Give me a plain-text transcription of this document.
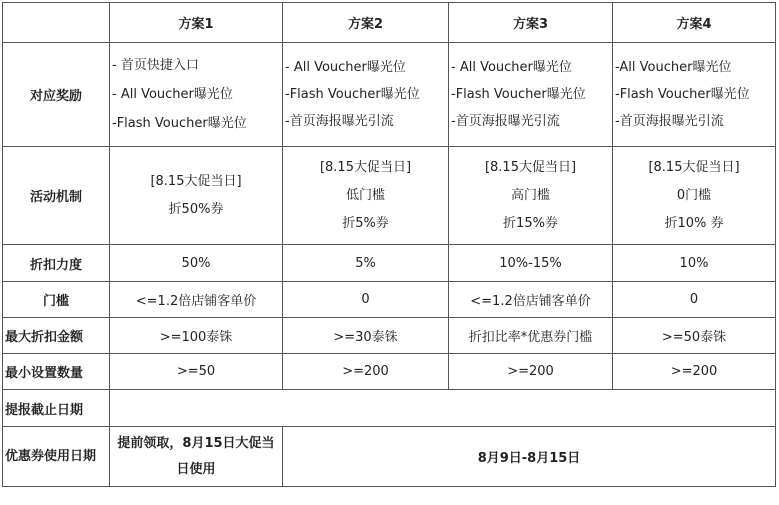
	方案1	方案2	方案3	方案4
对应奖励	- 首页快捷入口
- All Voucher曝光位
-Flash Voucher曝光位	- All Voucher曝光位
-Flash Voucher曝光位
-首页海报曝光引流	- All Voucher曝光位
-Flash Voucher曝光位
-首页海报曝光引流	-All Voucher曝光位
-Flash Voucher曝光位
-首页海报曝光引流

活动机制	[8.15大促当日]
折50%券	[8.15大促当日]
低门槛
折5%券	[8.15大促当日]
高门槛
折15%券	[8.15大促当日]
0门槛
折10% 券

折扣力度	50%	5%	10%-15%	10%
门槛	<=1.2倍店铺客单价	0	<=1.2倍店铺客单价	0
最大折扣金额	>=100泰铢	>=30泰铢	折扣比率*优惠券门槛	>=50泰铢
最小设置数量	>=50	>=200	>=200	>=200
提报截止日期				
优惠券使用日期	提前领取，8月15日大促当日使用	8月9日-8月15日		
